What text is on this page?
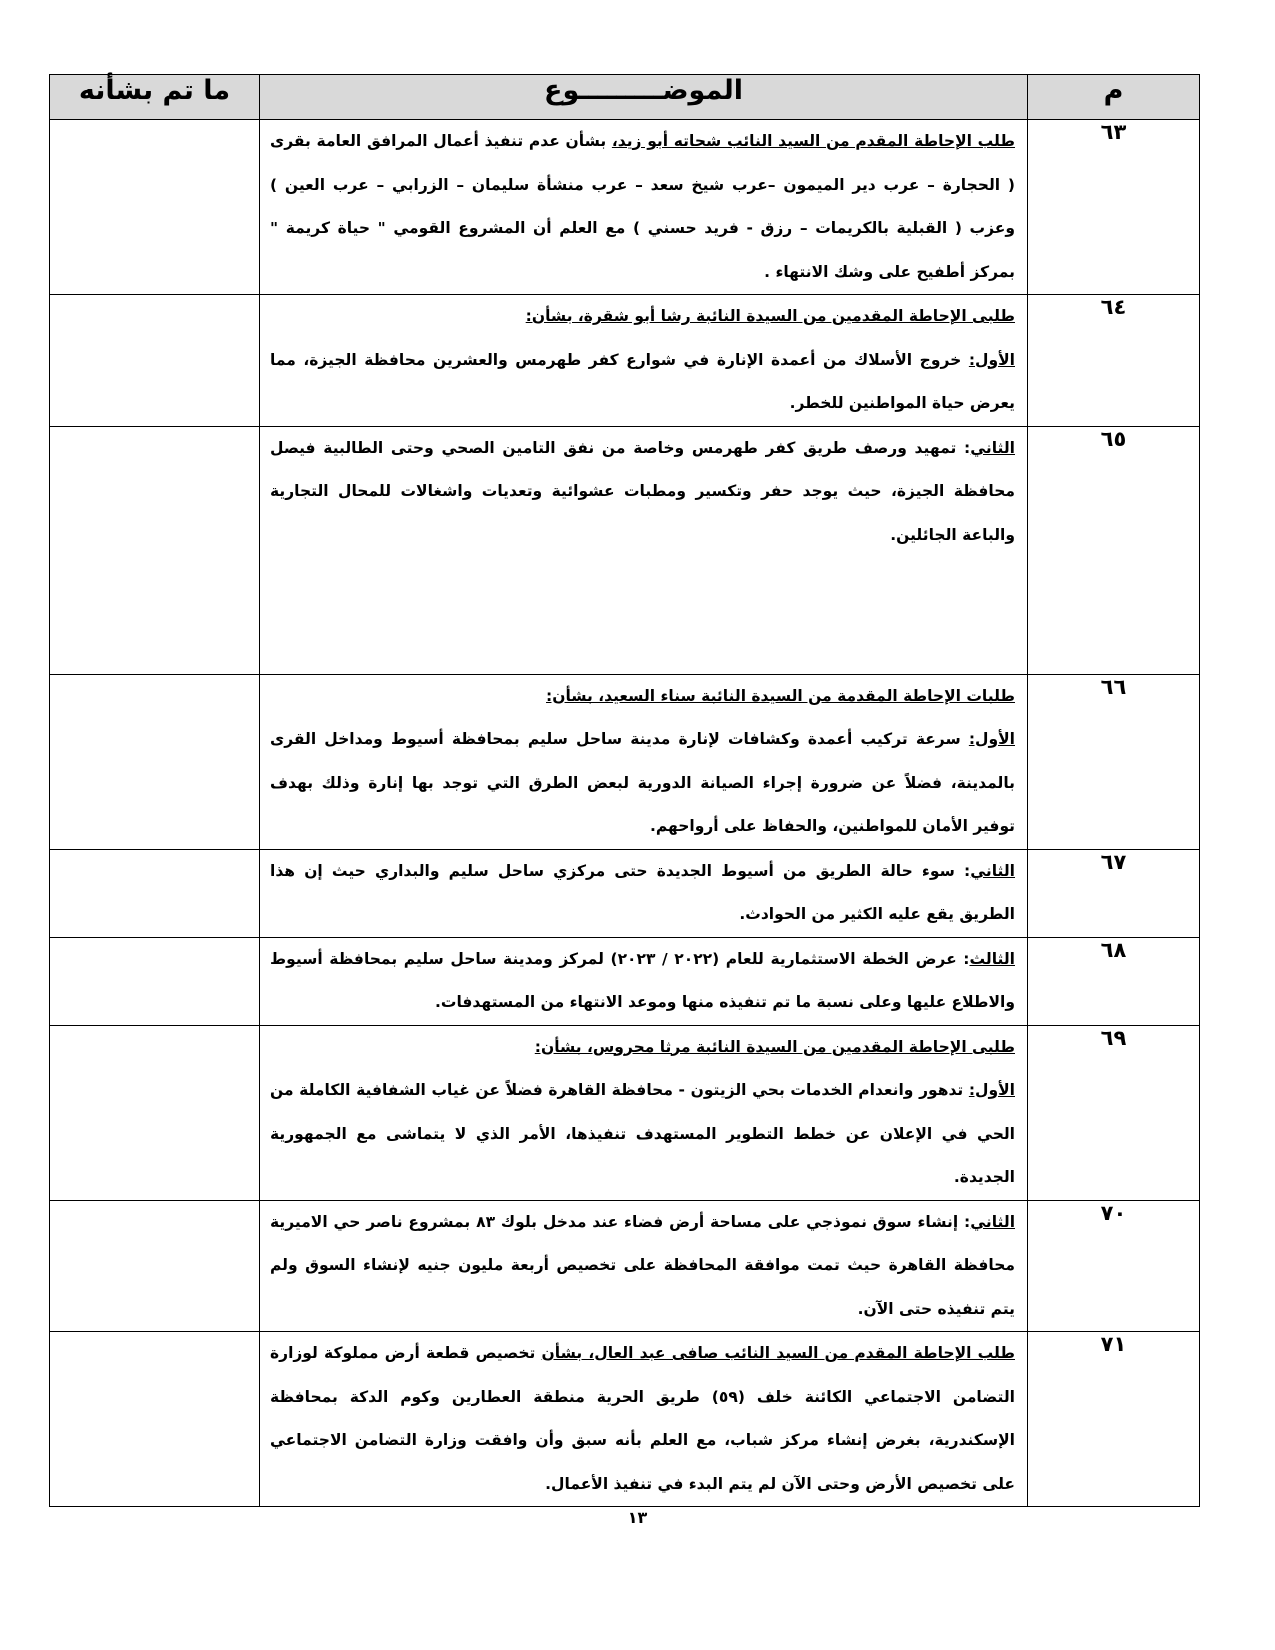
م	الموضـــــــــوع	ما تم بشأنه
٦٣	طلب الإحاطة المقدم من السيد النائب شحاته أبو زيد، بشأن عدم تنفيذ أعمال المرافق العامة بقرى ( الحجارة – عرب دير الميمون –عرب شيخ سعد – عرب منشأة سليمان – الزرابي – عرب العين ) وعزب ( القبلية بالكريمات – رزق - فريد حسني ) مع العلم أن المشروع القومي " حياة كريمة " بمركز أطفيح على وشك الانتهاء .	

٦٤	طلبى الإحاطة المقدمين من السيدة النائبة رشا أبو شقرة، بشأن:
الأول: خروج الأسلاك من أعمدة الإنارة في شوارع كفر طهرمس والعشرين محافظة الجيزة، مما يعرض حياة المواطنين للخطر.	

٦٥	الثاني: تمهيد ورصف طريق كفر طهرمس وخاصة من نفق التامين الصحي وحتى الطالبية فيصل محافظة الجيزة، حيث يوجد حفر وتكسير ومطبات عشوائية وتعديات واشغالات للمحال التجارية والباعة الجائلين.	

٦٦	طلبات الإحاطة المقدمة من السيدة النائبة سناء السعيد، بشأن:
الأول: سرعة تركيب أعمدة وكشافات لإنارة مدينة ساحل سليم بمحافظة أسيوط ومداخل القرى بالمدينة، فضلاً عن ضرورة إجراء الصيانة الدورية لبعض الطرق التي توجد بها إنارة وذلك بهدف توفير الأمان للمواطنين، والحفاظ على أرواحهم.	

٦٧	الثاني: سوء حالة الطريق من أسيوط الجديدة حتى مركزي ساحل سليم والبداري حيث إن هذا الطريق يقع عليه الكثير من الحوادث.	

٦٨	الثالث: عرض الخطة الاستثمارية للعام (٢٠٢٢ / ٢٠٢٣) لمركز ومدينة ساحل سليم بمحافظة أسيوط والاطلاع عليها وعلى نسبة ما تم تنفيذه منها وموعد الانتهاء من المستهدفات.	

٦٩	طلبى الإحاطة المقدمين من السيدة النائبة مرثا محروس، بشأن:
الأول: تدهور وانعدام الخدمات بحي الزيتون - محافظة القاهرة فضلاً عن غياب الشفافية الكاملة من الحي في الإعلان عن خطط التطوير المستهدف تنفيذها، الأمر الذي لا يتماشى مع الجمهورية الجديدة.	

٧٠	الثاني: إنشاء سوق نموذجي على مساحة أرض فضاء عند مدخل بلوك ٨٣ بمشروع ناصر حي الاميرية محافظة القاهرة حيث تمت موافقة المحافظة على تخصيص أربعة مليون جنيه لإنشاء السوق ولم يتم تنفيذه حتى الآن.	

٧١	طلب الإحاطة المقدم من السيد النائب صافى عبد العال، بشأن تخصيص قطعة أرض مملوكة لوزارة التضامن الاجتماعي الكائنة خلف (٥٩) طريق الحرية منطقة العطارين وكوم الدكة بمحافظة الإسكندرية، بغرض إنشاء مركز شباب، مع العلم بأنه سبق وأن وافقت وزارة التضامن الاجتماعي على تخصيص الأرض وحتى الآن لم يتم البدء في تنفيذ الأعمال.	

١٣
